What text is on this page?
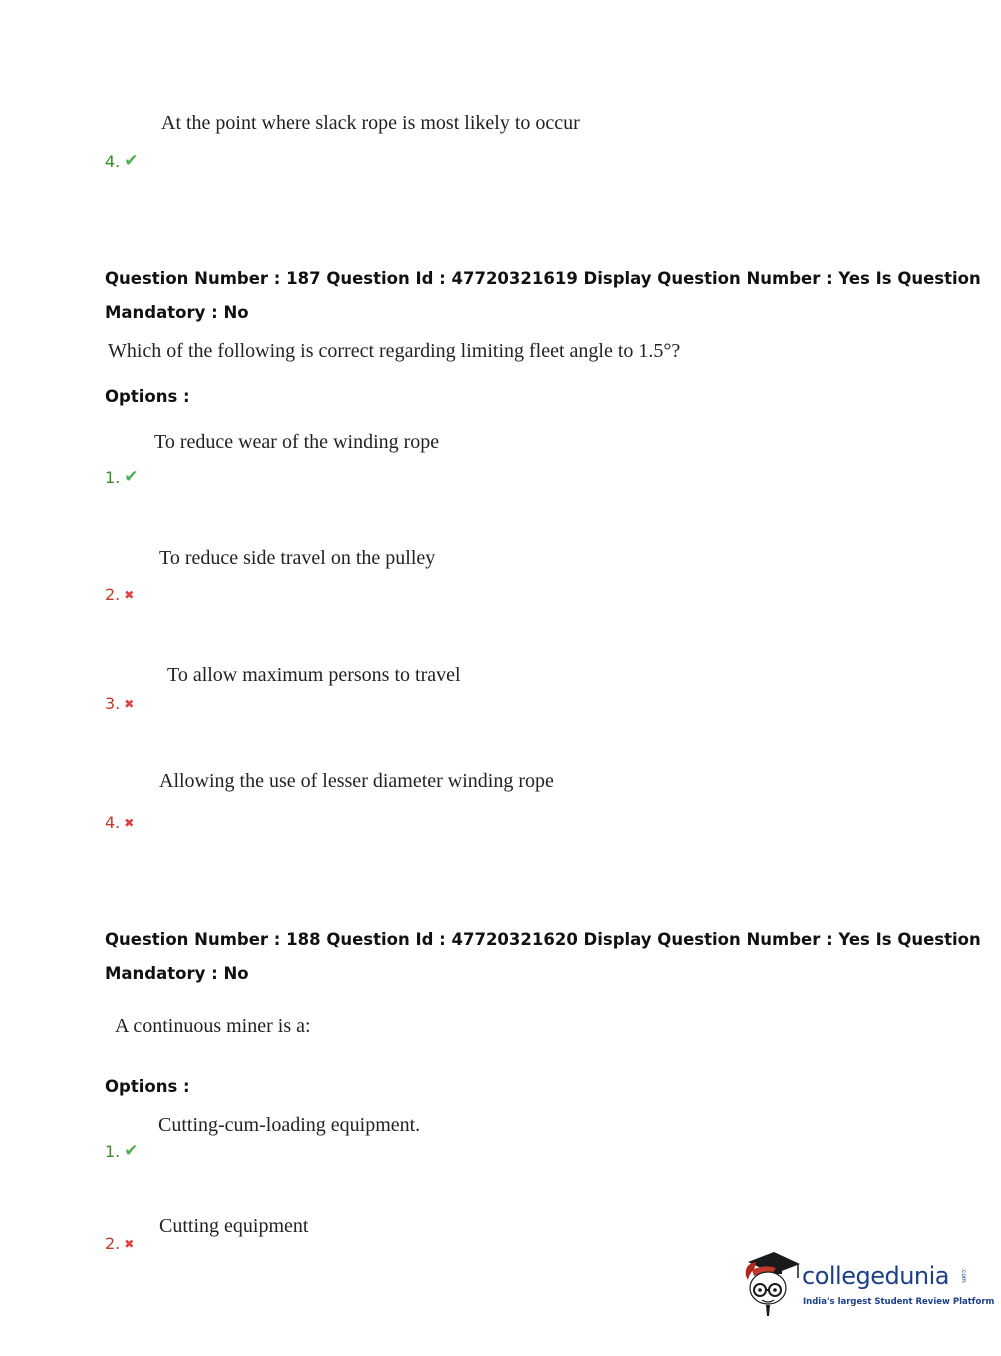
At the point where slack rope is most likely to occur
4. ✔
Question Number : 187 Question Id : 47720321619 Display Question Number : Yes Is Question
Mandatory : No
Which of the following is correct regarding limiting fleet angle to 1.5°?
Options :
To reduce wear of the winding rope
1. ✔
To reduce side travel on the pulley
2. ✖
To allow maximum persons to travel
3. ✖
Allowing the use of lesser diameter winding rope
4. ✖
Question Number : 188 Question Id : 47720321620 Display Question Number : Yes Is Question
Mandatory : No
A continuous miner is a:
Options :
Cutting-cum-loading equipment.
1. ✔
Cutting equipment
2. ✖
collegedunia .com
India's largest Student Review Platform
